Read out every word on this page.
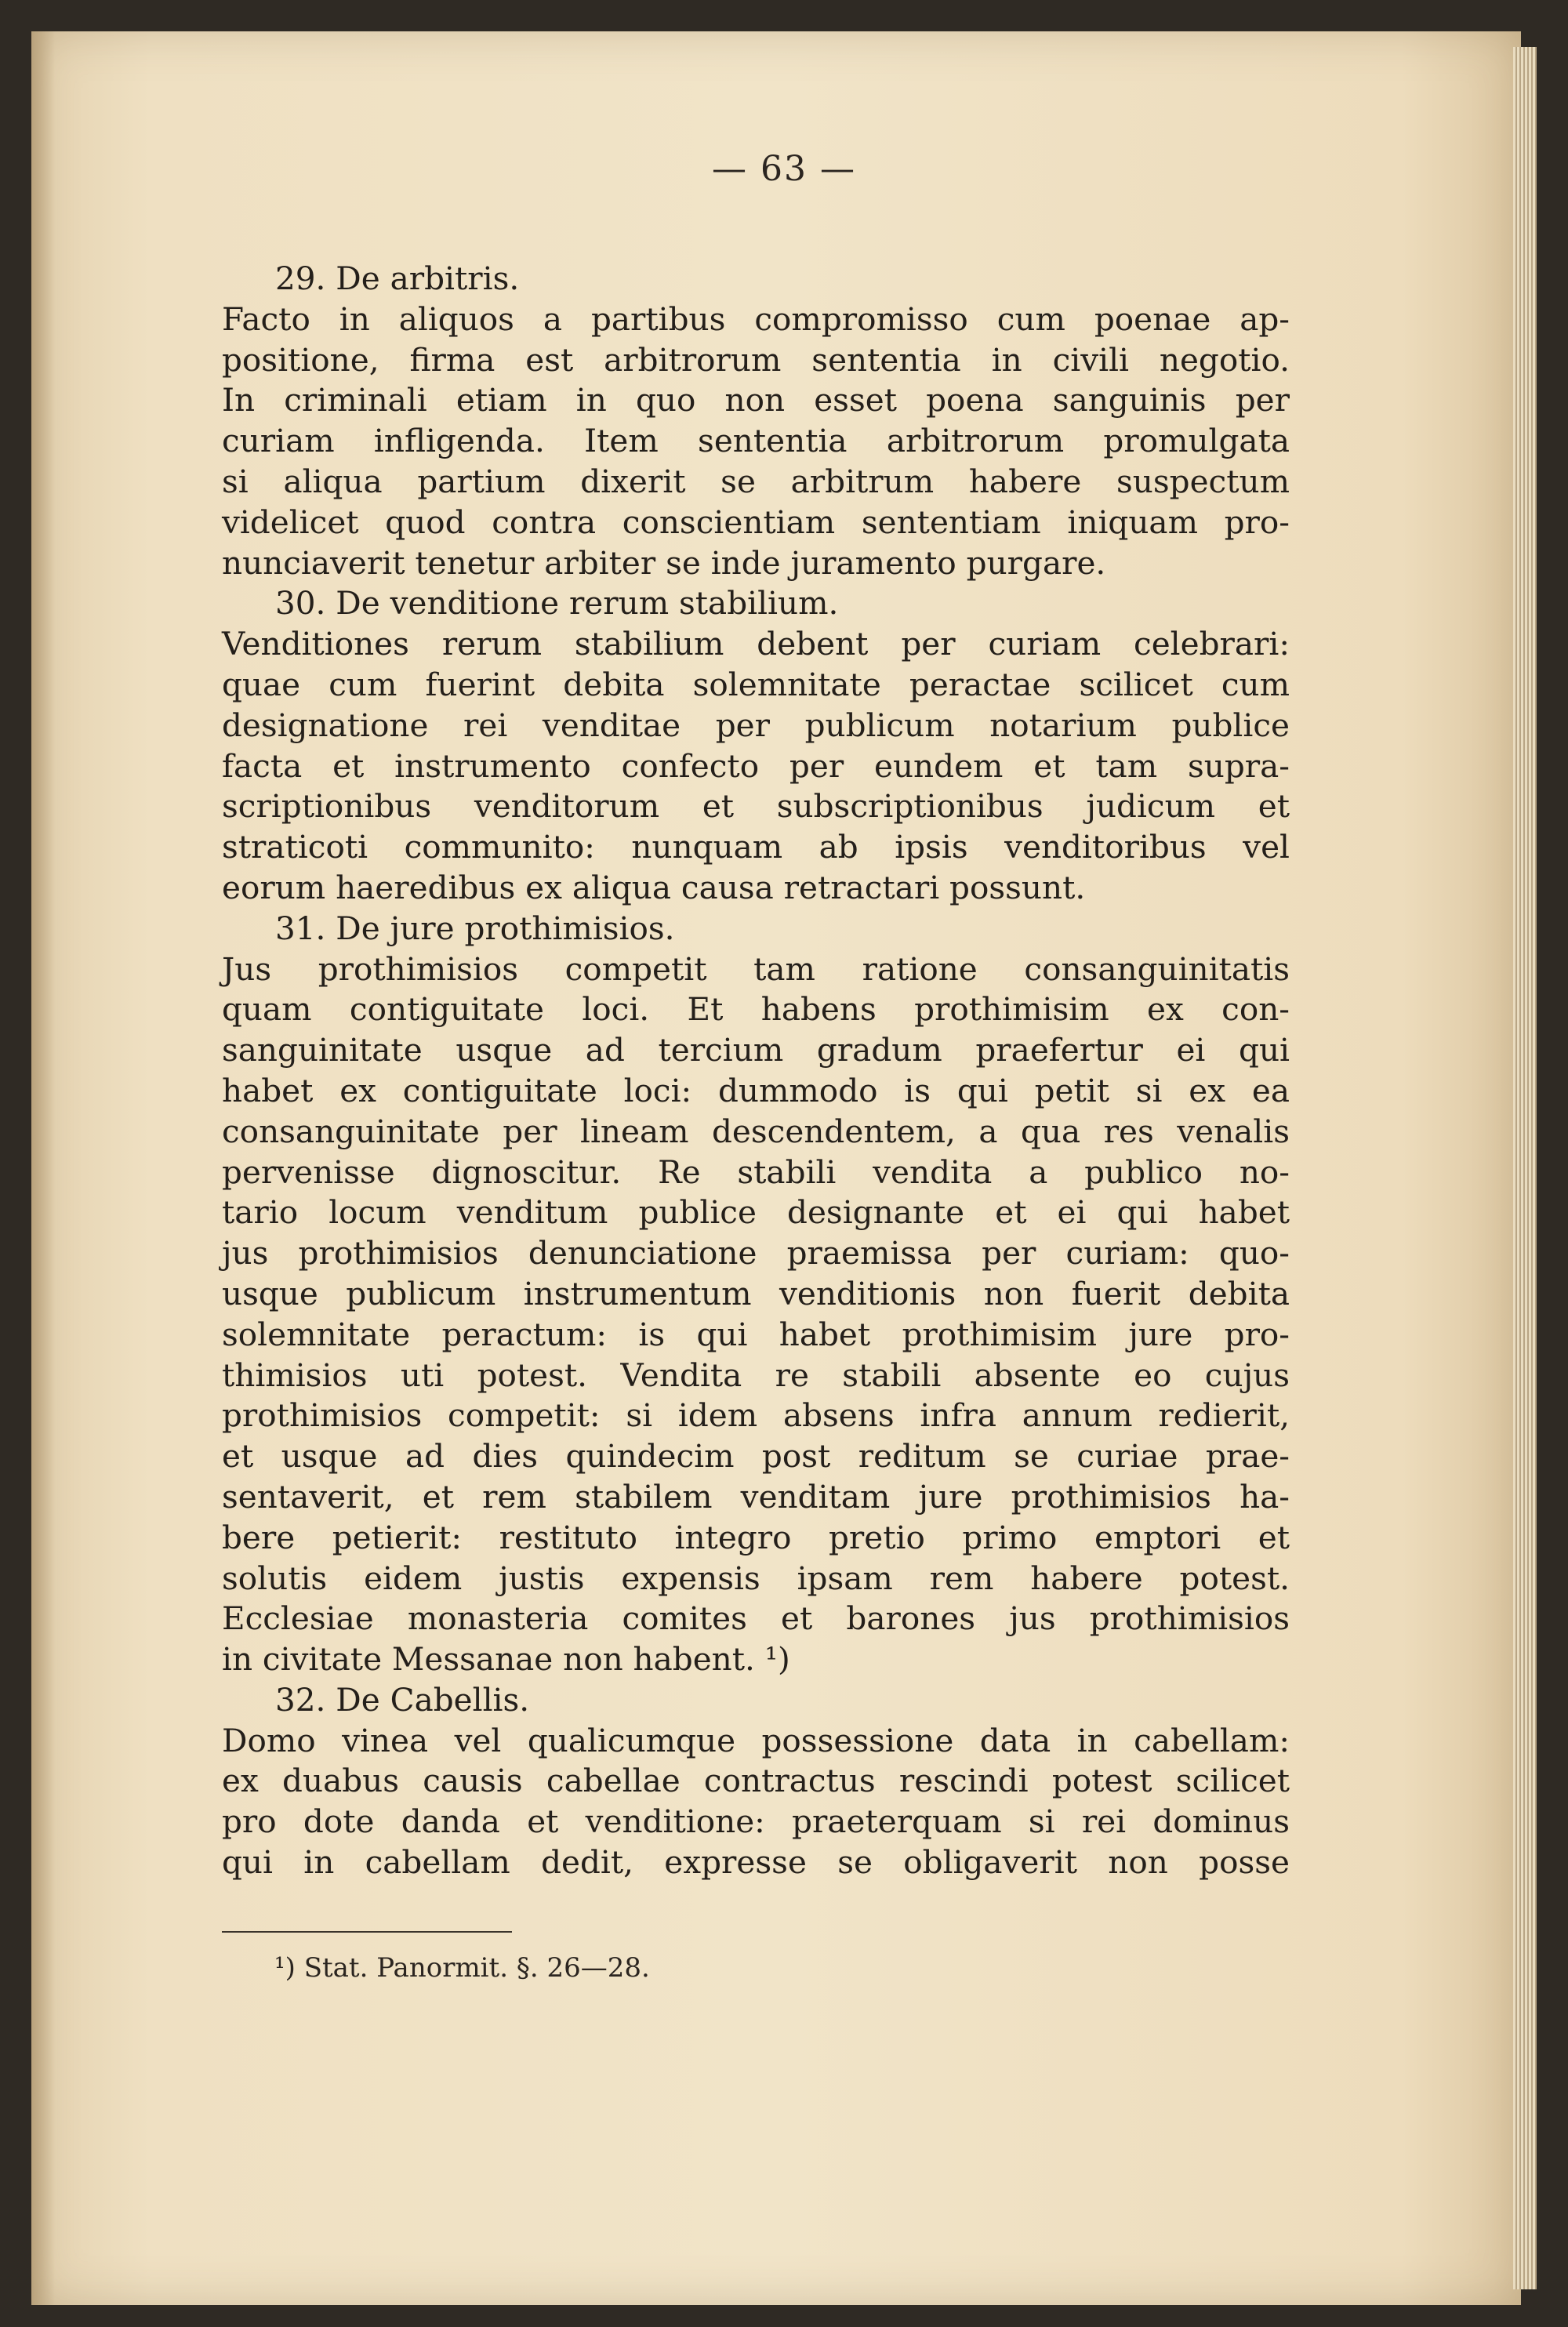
— 63 —
29. De arbitris.
Facto in aliquos a partibus compromisso cum poenae ap-
positione, firma est arbitrorum sententia in civili negotio.
In criminali etiam in quo non esset poena sanguinis per
curiam infligenda. Item sententia arbitrorum promulgata
si aliqua partium dixerit se arbitrum habere suspectum
videlicet quod contra conscientiam sententiam iniquam pro-
nunciaverit tenetur arbiter se inde juramento purgare.
30. De venditione rerum stabilium.
Venditiones rerum stabilium debent per curiam celebrari:
quae cum fuerint debita solemnitate peractae scilicet cum
designatione rei venditae per publicum notarium publice
facta et instrumento confecto per eundem et tam supra-
scriptionibus venditorum et subscriptionibus judicum et
straticoti communito: nunquam ab ipsis venditoribus vel
eorum haeredibus ex aliqua causa retractari possunt.
31. De jure prothimisios.
Jus prothimisios competit tam ratione consanguinitatis
quam contiguitate loci. Et habens prothimisim ex con-
sanguinitate usque ad tercium gradum praefertur ei qui
habet ex contiguitate loci: dummodo is qui petit si ex ea
consanguinitate per lineam descendentem, a qua res venalis
pervenisse dignoscitur. Re stabili vendita a publico no-
tario locum venditum publice designante et ei qui habet
jus prothimisios denunciatione praemissa per curiam: quo-
usque publicum instrumentum venditionis non fuerit debita
solemnitate peractum: is qui habet prothimisim jure pro-
thimisios uti potest. Vendita re stabili absente eo cujus
prothimisios competit: si idem absens infra annum redierit,
et usque ad dies quindecim post reditum se curiae prae-
sentaverit, et rem stabilem venditam jure prothimisios ha-
bere petierit: restituto integro pretio primo emptori et
solutis eidem justis expensis ipsam rem habere potest.
Ecclesiae monasteria comites et barones jus prothimisios
in civitate Messanae non habent. ¹)
32. De Cabellis.
Domo vinea vel qualicumque possessione data in cabellam:
ex duabus causis cabellae contractus rescindi potest scilicet
pro dote danda et venditione: praeterquam si rei dominus
qui in cabellam dedit, expresse se obligaverit non posse
¹) Stat. Panormit. §. 26—28.
